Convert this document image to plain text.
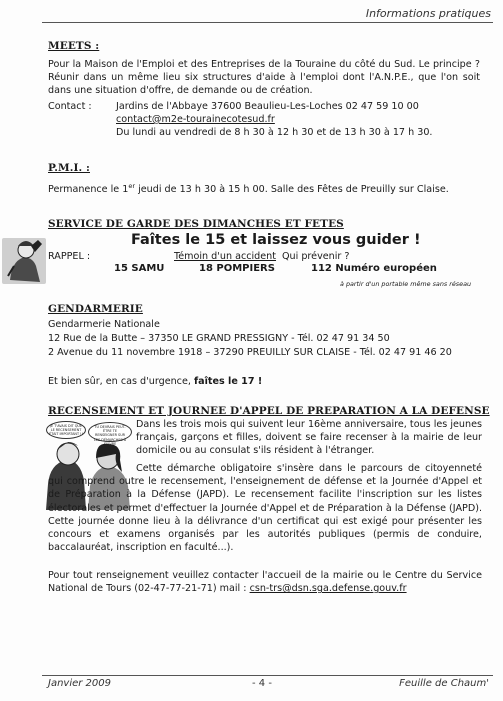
Informations pratiques
MEETS :
Pour la Maison de l'Emploi et des Entreprises de la Touraine du côté du Sud. Le principe ? Réunir dans un même lieu six structures d'aide à l'emploi dont l'A.N.P.E., que l'on soit dans une situation d'offre, de demande ou de création.
Contact :	Jardins de l'Abbaye 37600 Beaulieu-Les-Loches 02 47 59 10 00
contact@m2e-tourainecotesud.fr
Du lundi au vendredi de 8 h 30 à 12 h 30 et de 13 h 30 à 17 h 30.
P.M.I. :
Permanence le 1er jeudi de 13 h 30 à 15 h 00. Salle des Fêtes de Preuilly sur Claise.
SERVICE DE GARDE DES DIMANCHES ET FETES
Faîtes le 15 et laissez vous guider !
RAPPEL :	Témoin d'un accident Qui prévenir ?
15 SAMU	18 POMPIERS	112 Numéro européen
à partir d'un portable même sans réseau
GENDARMERIE
Gendarmerie Nationale
12 Rue de la Butte – 37350 LE GRAND PRESSIGNY - Tél. 02 47 91 34 50
2 Avenue du 11 novembre 1918 – 37290 PREUILLY SUR CLAISE - Tél. 02 47 91 46 20
Et bien sûr, en cas d'urgence, faîtes le 17 !
RECENSEMENT ET JOURNEE D'APPEL DE PREPARATION A LA DEFENSE
JE T'AVAIS DIT QUE LE RECENSEMENT ÉTAIT IMPORTANT !!
TU DEVRAIS PEUT-ÊTRE TE RENSEIGNER SUR LES DÉMARCHES À SUIVRE
Dans les trois mois qui suivent leur 16ème anniversaire, tous les jeunes français, garçons et filles, doivent se faire recenser à la mairie de leur domicile ou au consulat s'ils résident à l'étranger.
Cette démarche obligatoire s'insère dans le parcours de citoyenneté qui comprend outre le recensement, l'enseignement de défense et la Journée d'Appel et de Préparation à la Défense (JAPD). Le recensement facilite l'inscription sur les listes électorales et permet d'effectuer la Journée d'Appel et de Préparation à la Défense (JAPD). Cette journée donne lieu à la délivrance d'un certificat qui est exigé pour présenter les concours et examens organisés par les autorités publiques (permis de conduire, baccalauréat, inscription en faculté...).
Pour tout renseignement veuillez contacter l'accueil de la mairie ou le Centre du Service National de Tours (02-47-77-21-71) mail : csn-trs@dsn.sga.defense.gouv.fr
Janvier 2009	- 4 -	Feuille de Chaum'
